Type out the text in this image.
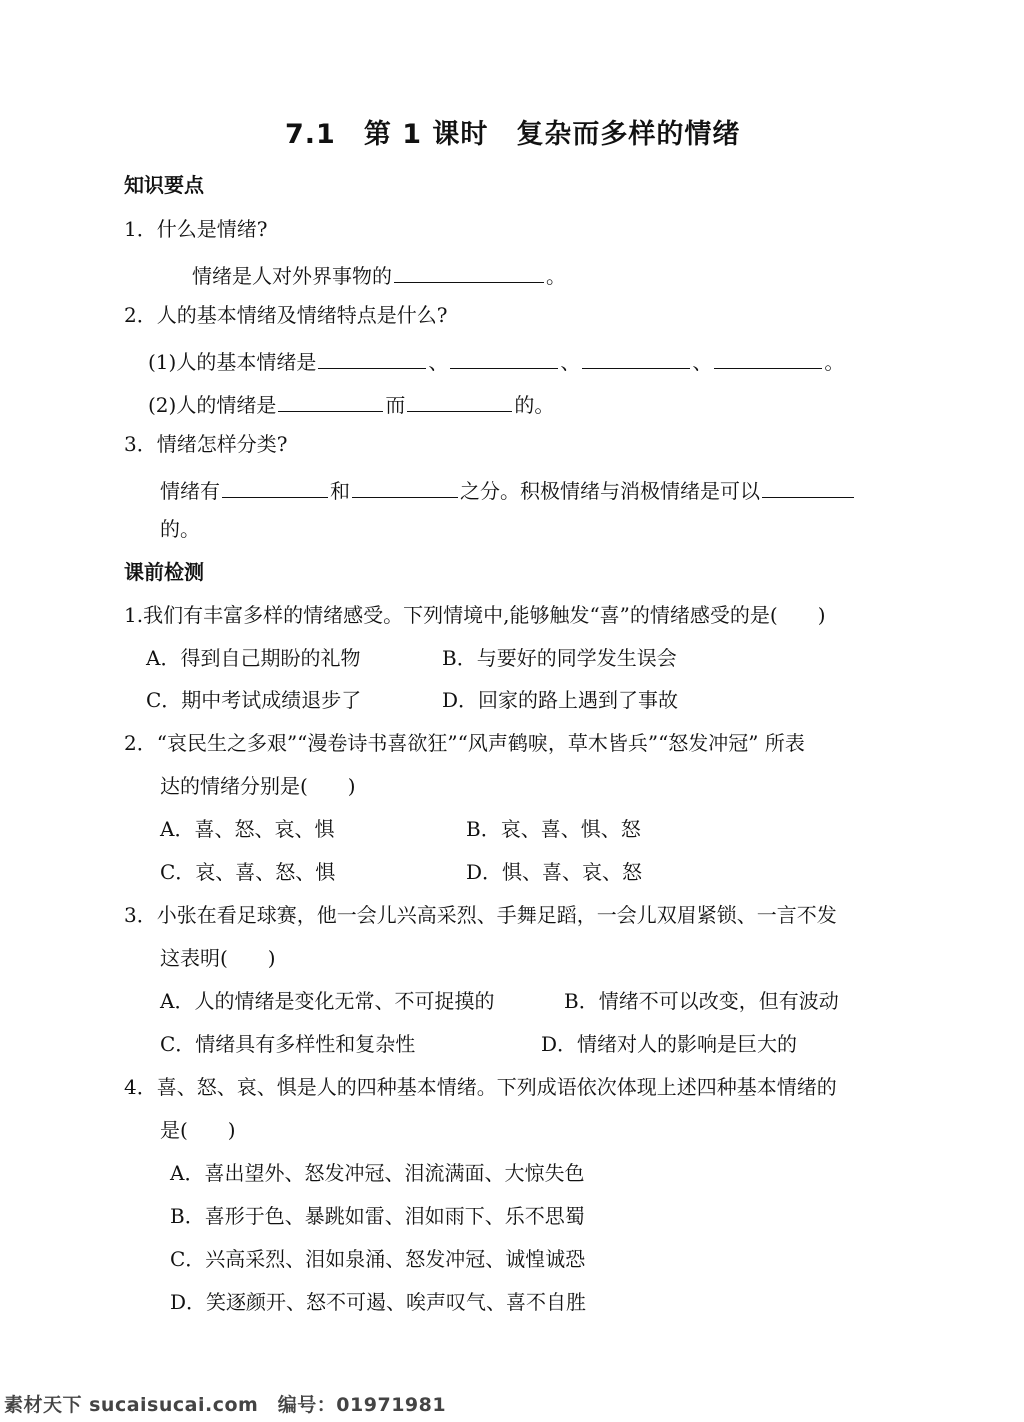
7.1　第 1 课时　复杂而多样的情绪
知识要点
1．什么是情绪?
情绪是人对外界事物的	。
2．人的基本情绪及情绪特点是什么?
(1)人的基本情绪是	、	、	、	。
(2)人的情绪是	而	的。
3．情绪怎样分类?
情绪有	和	之分。积极情绪与消极情绪是可以
的。
课前检测
1.我们有丰富多样的情绪感受。下列情境中,能够触发“喜”的情绪感受的是(　　)
A．得到自己期盼的礼物	B．与要好的同学发生误会
C．期中考试成绩退步了	D．回家的路上遇到了事故
2．“哀民生之多艰”“漫卷诗书喜欲狂”“风声鹤唳，草木皆兵”“怒发冲冠” 所表
达的情绪分别是(　　)
A．喜、怒、哀、惧	B．哀、喜、惧、怒
C．哀、喜、怒、惧	D．惧、喜、哀、怒
3．小张在看足球赛，他一会儿兴高采烈、手舞足蹈，一会儿双眉紧锁、一言不发
这表明(　　)
A．人的情绪是变化无常、不可捉摸的	B．情绪不可以改变，但有波动
C．情绪具有多样性和复杂性	D．情绪对人的影响是巨大的
4．喜、怒、哀、惧是人的四种基本情绪。下列成语依次体现上述四种基本情绪的
是(　　)
A．喜出望外、怒发冲冠、泪流满面、大惊失色
B．喜形于色、暴跳如雷、泪如雨下、乐不思蜀
C．兴高采烈、泪如泉涌、怒发冲冠、诚惶诚恐
D．笑逐颜开、怒不可遏、唉声叹气、喜不自胜
素材天下 sucaisucai.com　编号：01971981
